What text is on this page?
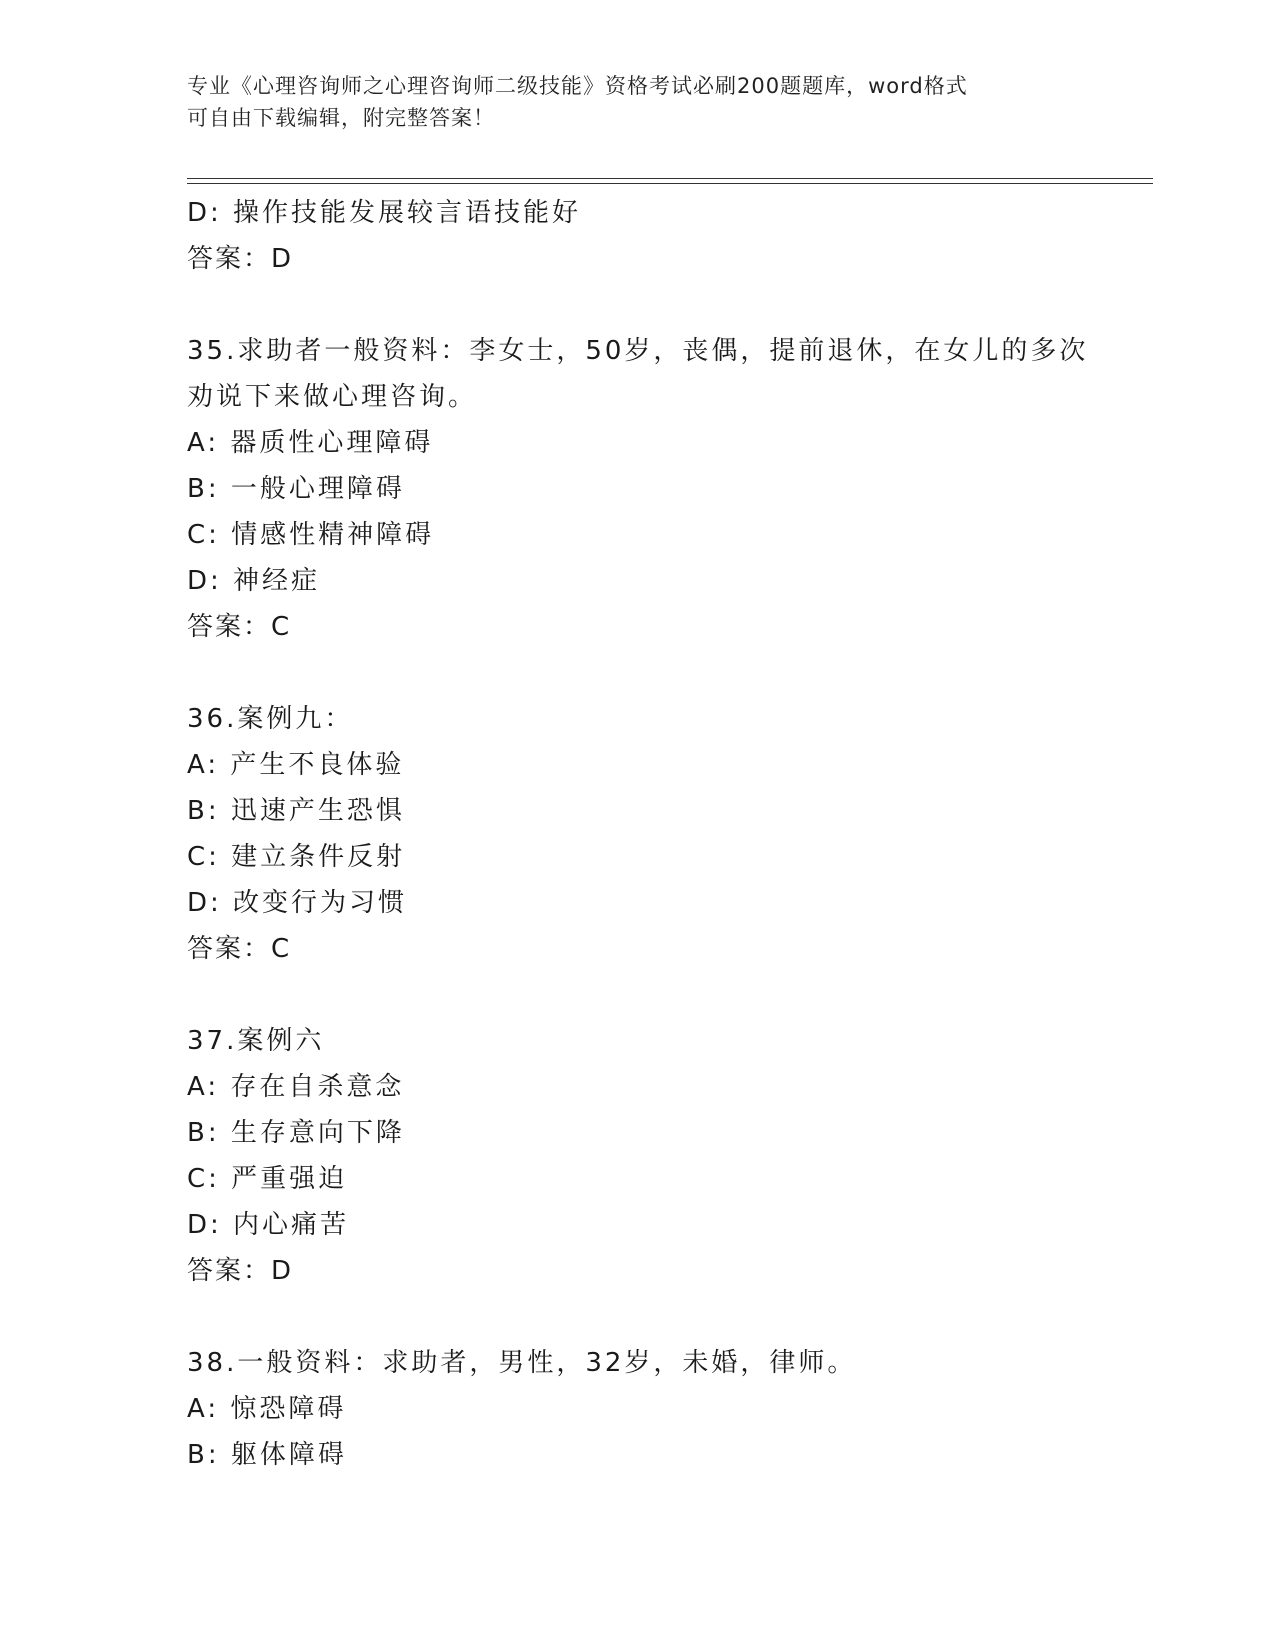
专业《心理咨询师之心理咨询师二级技能》资格考试必刷200题题库，word格式
可自由下载编辑，附完整答案！
D: 操作技能发展较言语技能好
答案：D
35.求助者一般资料：李女士，50岁，丧偶，提前退休，在女儿的多次
劝说下来做心理咨询。
A: 器质性心理障碍
B: 一般心理障碍
C: 情感性精神障碍
D: 神经症
答案：C
36.案例九：
A: 产生不良体验
B: 迅速产生恐惧
C: 建立条件反射
D: 改变行为习惯
答案：C
37.案例六
A: 存在自杀意念
B: 生存意向下降
C: 严重强迫
D: 内心痛苦
答案：D
38.一般资料：求助者，男性，32岁，未婚，律师。
A: 惊恐障碍
B: 躯体障碍
